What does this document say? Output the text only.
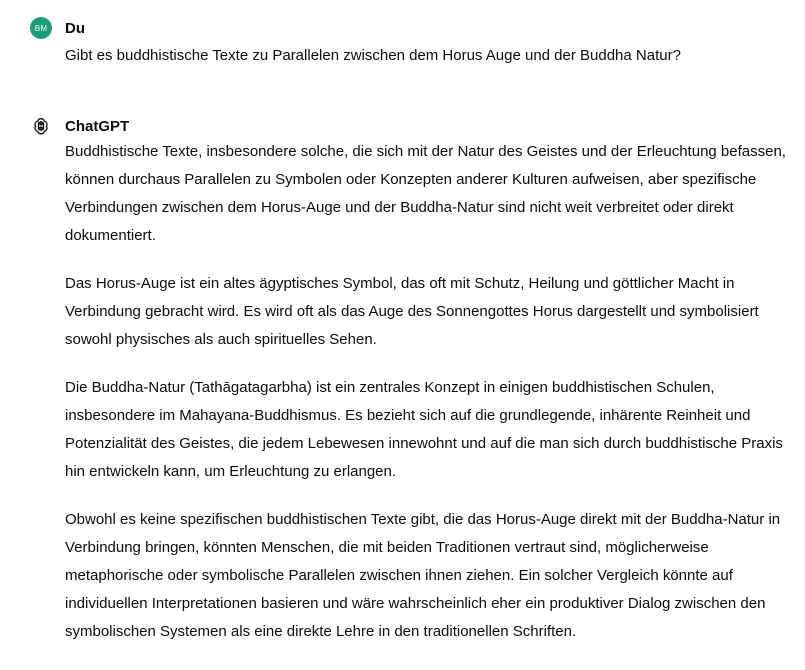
BM Du
Gibt es buddhistische Texte zu Parallelen zwischen dem Horus Auge und der Buddha Natur?
ChatGPT

Buddhistische Texte, insbesondere solche, die sich mit der Natur des Geistes und der Erleuchtung befassen, können durchaus Parallelen zu Symbolen oder Konzepten anderer Kulturen aufweisen, aber spezifische Verbindungen zwischen dem Horus-Auge und der Buddha-Natur sind nicht weit verbreitet oder direkt dokumentiert.

Das Horus-Auge ist ein altes ägyptisches Symbol, das oft mit Schutz, Heilung und göttlicher Macht in Verbindung gebracht wird. Es wird oft als das Auge des Sonnengottes Horus dargestellt und symbolisiert sowohl physisches als auch spirituelles Sehen.

Die Buddha-Natur (Tathāgatagarbha) ist ein zentrales Konzept in einigen buddhistischen Schulen, insbesondere im Mahayana-Buddhismus. Es bezieht sich auf die grundlegende, inhärente Reinheit und Potenzialität des Geistes, die jedem Lebewesen innewohnt und auf die man sich durch buddhistische Praxis hin entwickeln kann, um Erleuchtung zu erlangen.

Obwohl es keine spezifischen buddhistischen Texte gibt, die das Horus-Auge direkt mit der Buddha-Natur in Verbindung bringen, könnten Menschen, die mit beiden Traditionen vertraut sind, möglicherweise metaphorische oder symbolische Parallelen zwischen ihnen ziehen. Ein solcher Vergleich könnte auf individuellen Interpretationen basieren und wäre wahrscheinlich eher ein produktiver Dialog zwischen den symbolischen Systemen als eine direkte Lehre in den traditionellen Schriften.
